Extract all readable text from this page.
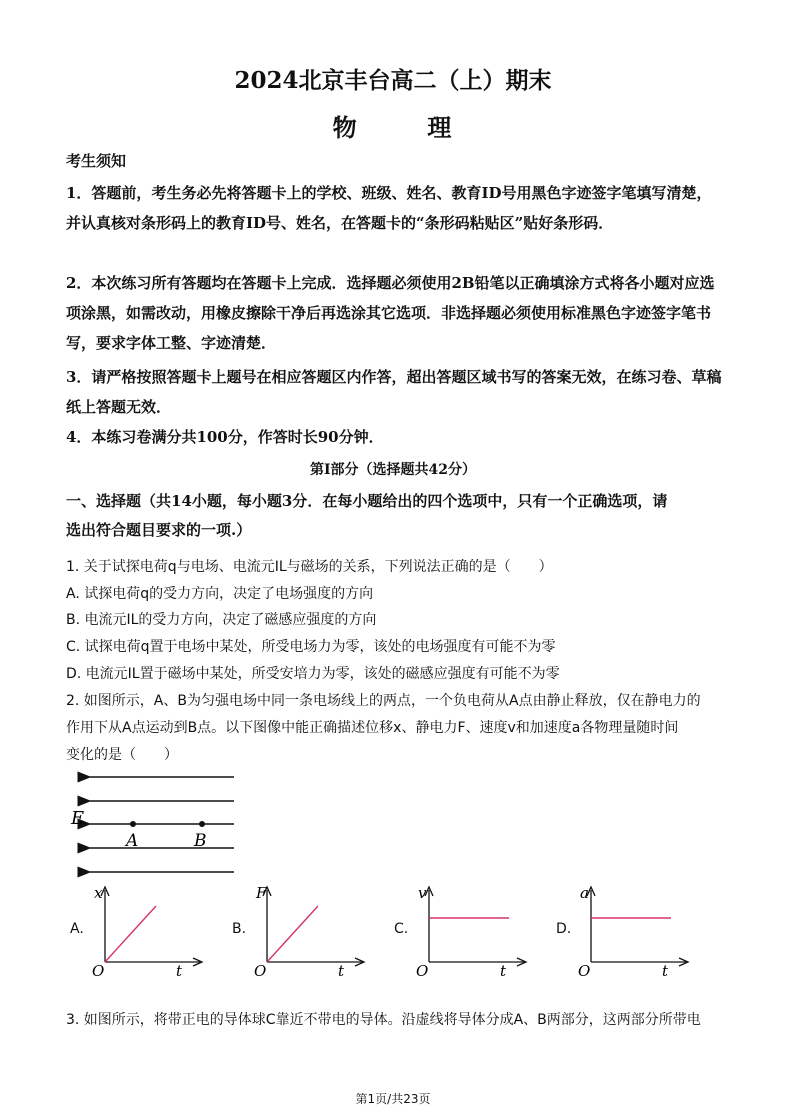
2024北京丰台高二（上）期末
物	理
考生须知
1．答题前，考生务必先将答题卡上的学校、班级、姓名、教育ID号用黑色字迹签字笔填写清楚，并认真核对条形码上的教育ID号、姓名，在答题卡的“条形码粘贴区”贴好条形码．
2．本次练习所有答题均在答题卡上完成．选择题必须使用2B铅笔以正确填涂方式将各小题对应选项涂黑，如需改动，用橡皮擦除干净后再选涂其它选项．非选择题必须使用标准黑色字迹签字笔书写，要求字体工整、字迹清楚．
3．请严格按照答题卡上题号在相应答题区内作答，超出答题区域书写的答案无效，在练习卷、草稿纸上答题无效．
4．本练习卷满分共100分，作答时长90分钟．
第I部分（选择题共42分）
一、选择题（共14小题，每小题3分．在每小题给出的四个选项中，只有一个正确选项，请
选出符合题目要求的一项.）
1. 关于试探电荷q与电场、电流元IL与磁场的关系，下列说法正确的是（　　）
A. 试探电荷q的受力方向，决定了电场强度的方向
B. 电流元IL的受力方向，决定了磁感应强度的方向
C. 试探电荷q置于电场中某处，所受电场力为零，该处的电场强度有可能不为零
D. 电流元IL置于磁场中某处，所受安培力为零，该处的磁感应强度有可能不为零
2. 如图所示，A、B为匀强电场中同一条电场线上的两点，一个负电荷从A点由静止释放，仅在静电力的
作用下从A点运动到B点。以下图像中能正确描述位移x、静电力F、速度v和加速度a各物理量随时间
变化的是（　　）
E
A	B
A.
x
t
O
B.
F
t
O
C.
v
t
O
D.
a
t
O
3. 如图所示，将带正电的导体球C靠近不带电的导体。沿虚线将导体分成A、B两部分，这两部分所带电
第1页/共23页
